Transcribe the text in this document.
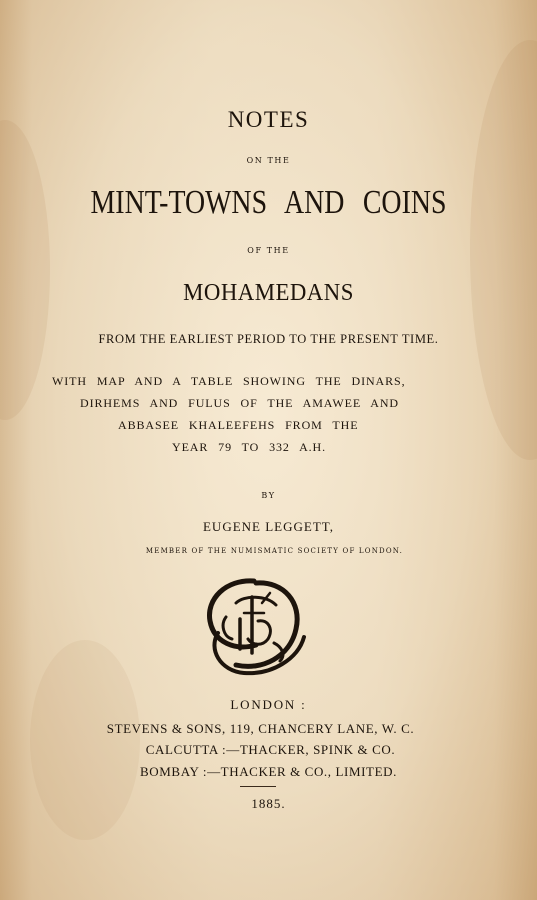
NOTES
ON THE
MINT-TOWNS AND COINS
OF THE
MOHAMEDANS
FROM THE EARLIEST PERIOD TO THE PRESENT TIME.
WITH MAP AND A TABLE SHOWING THE DINARS,
DIRHEMS AND FULUS OF THE AMAWEE AND
ABBASEE KHALEEFEHS FROM THE
YEAR 79 TO 332 A.H.
BY
EUGENE LEGGETT,
MEMBER OF THE NUMISMATIC SOCIETY OF LONDON.
LONDON :
STEVENS & SONS, 119, CHANCERY LANE, W. C.
CALCUTTA :—THACKER, SPINK & CO.
BOMBAY :—THACKER & CO., LIMITED.
1885.
